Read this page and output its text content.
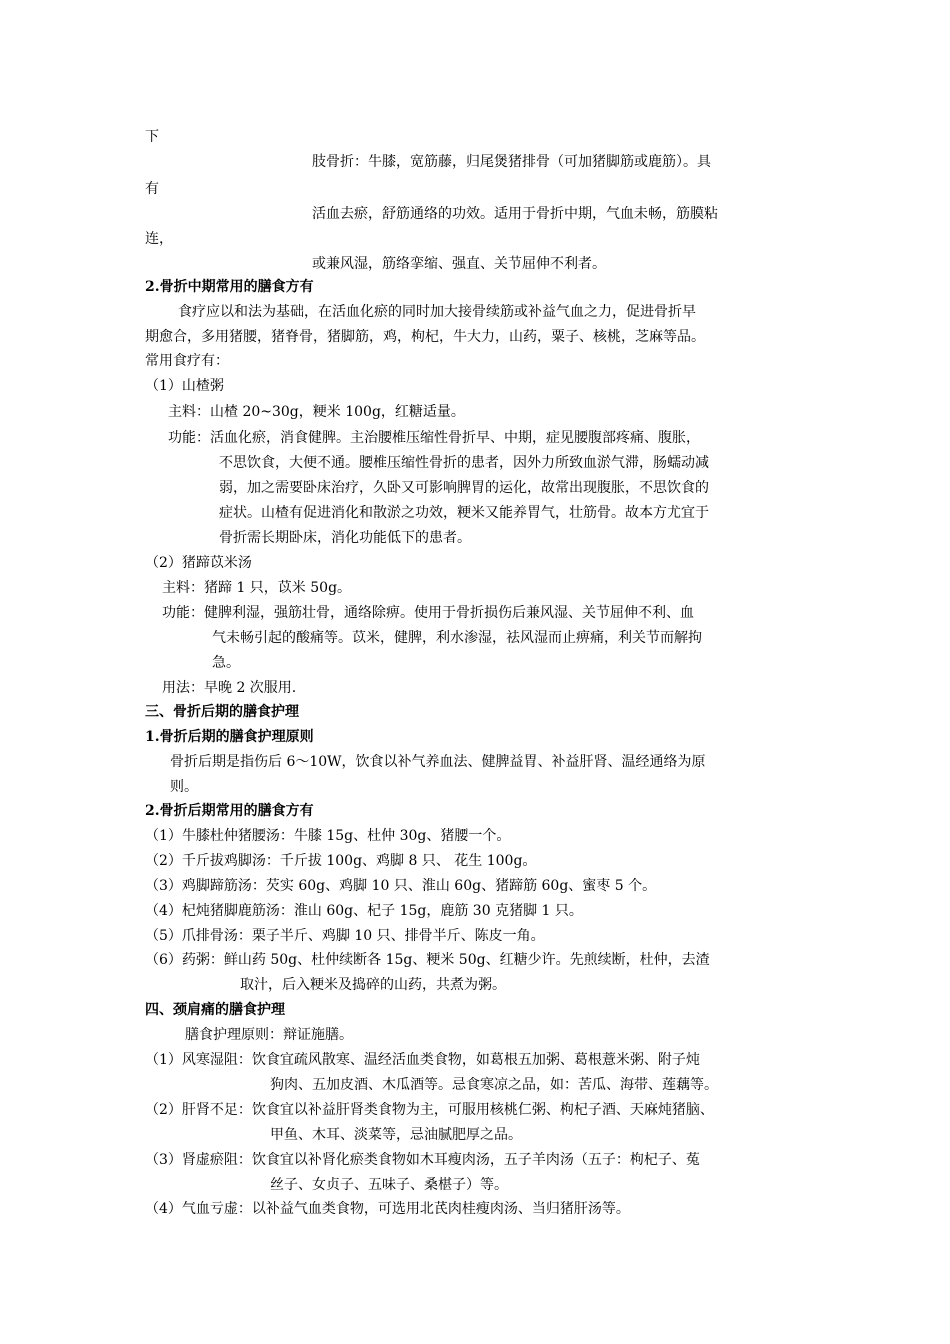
下
肢骨折：牛膝，宽筋藤，归尾煲猪排骨（可加猪脚筋或鹿筋）。具
有
活血去瘀，舒筋通络的功效。适用于骨折中期，气血未畅，筋膜粘
连，
或兼风湿，筋络挛缩、强直、关节屈伸不利者。
2.骨折中期常用的膳食方有
食疗应以和法为基础，在活血化瘀的同时加大接骨续筋或补益气血之力，促进骨折早
期愈合，多用猪腰，猪脊骨，猪脚筋，鸡，枸杞，牛大力，山药，粟子、核桃，芝麻等品。
常用食疗有：
（1）山楂粥
主料：山楂 20~30g，粳米 100g，红糖适量。
功能：活血化瘀，消食健脾。主治腰椎压缩性骨折早、中期，症见腰腹部疼痛、腹胀，
不思饮食，大便不通。腰椎压缩性骨折的患者，因外力所致血淤气滞，肠蠕动减
弱，加之需要卧床治疗，久卧又可影响脾胃的运化，故常出现腹胀，不思饮食的
症状。山楂有促进消化和散淤之功效，粳米又能养胃气，壮筋骨。故本方尤宜于
骨折需长期卧床，消化功能低下的患者。
（2）猪蹄苡米汤
主料：猪蹄 1 只，苡米 50g。
功能：健脾利湿，强筋壮骨，通络除痹。使用于骨折损伤后兼风湿、关节屈伸不利、血
气未畅引起的酸痛等。苡米，健脾，利水渗湿，祛风湿而止痹痛，利关节而解拘
急。
用法：早晚 2 次服用.
三、骨折后期的膳食护理
1.骨折后期的膳食护理原则
骨折后期是指伤后 6～10W，饮食以补气养血法、健脾益胃、补益肝肾、温经通络为原
则。
2.骨折后期常用的膳食方有
（1）牛膝杜仲猪腰汤：牛膝 15g、杜仲 30g、猪腰一个。
（2）千斤拔鸡脚汤：千斤拔 100g、鸡脚 8 只、 花生 100g。
（3）鸡脚蹄筋汤：芡实 60g、鸡脚 10 只、淮山 60g、猪蹄筋 60g、蜜枣 5 个。
（4）杞炖猪脚鹿筋汤：淮山 60g、杞子 15g，鹿筋 30 克猪脚 1 只。
（5）爪排骨汤：栗子半斤、鸡脚 10 只、排骨半斤、陈皮一角。
（6）药粥：鲜山药 50g、杜仲续断各 15g、粳米 50g、红糖少许。先煎续断，杜仲，去渣
取汁，后入粳米及捣碎的山药，共煮为粥。
四、颈肩痛的膳食护理
膳食护理原则：辩证施膳。
（1）风寒湿阻：饮食宜疏风散寒、温经活血类食物，如葛根五加粥、葛根薏米粥、附子炖
狗肉、五加皮酒、木瓜酒等。忌食寒凉之品，如：苦瓜、海带、莲藕等。
（2）肝肾不足：饮食宜以补益肝肾类食物为主，可服用核桃仁粥、枸杞子酒、天麻炖猪脑、
甲鱼、木耳、淡菜等，忌油腻肥厚之品。
（3）肾虚瘀阻：饮食宜以补肾化瘀类食物如木耳瘦肉汤，五子羊肉汤（五子：枸杞子、菟
丝子、女贞子、五味子、桑椹子）等。
（4）气血亏虚：以补益气血类食物，可选用北芪肉桂瘦肉汤、当归猪肝汤等。
